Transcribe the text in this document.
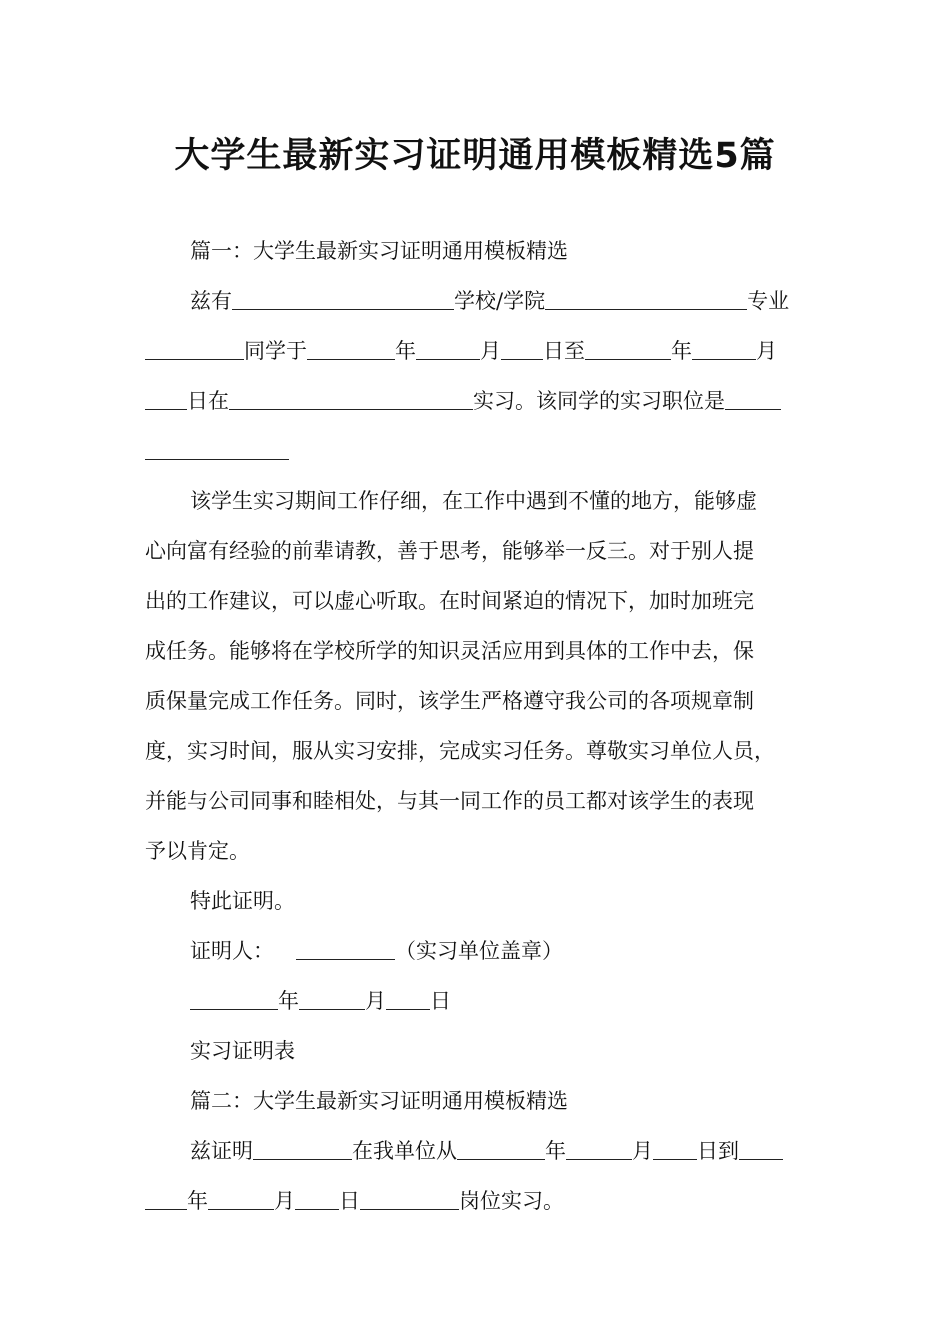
大学生最新实习证明通用模板精选5篇
篇一：大学生最新实习证明通用模板精选
兹有	学校/学院	专业
同学于	年	月 日至	年	月
日在	实习。该同学的实习职位是
该学生实习期间工作仔细，在工作中遇到不懂的地方，能够虚
心向富有经验的前辈请教，善于思考，能够举一反三。对于别人提
出的工作建议，可以虚心听取。在时间紧迫的情况下，加时加班完
成任务。能够将在学校所学的知识灵活应用到具体的工作中去，保
质保量完成工作任务。同时，该学生严格遵守我公司的各项规章制
度，实习时间，服从实习安排，完成实习任务。尊敬实习单位人员，
并能与公司同事和睦相处，与其一同工作的员工都对该学生的表现
予以肯定。
特此证明。
证明人：	（实习单位盖章）
年	月 日
实习证明表
篇二：大学生最新实习证明通用模板精选
兹证明	在我单位从	年	月 日到
年	月 日	岗位实习。
